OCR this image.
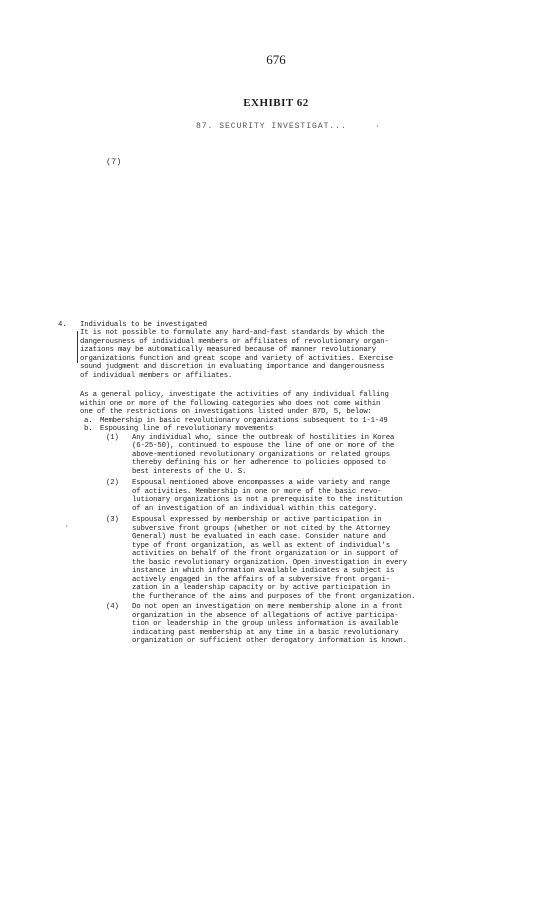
676
EXHIBIT 62
87. SECURITY INVESTIGAT...
(7)
·
·
4. Individuals to be investigated
It is not possible to formulate any hard-and-fast standards by which the
dangerousness of individual members or affiliates of revolutionary organ-
izations may be automatically measured because of manner revolutionary
organizations function and great scope and variety of activities. Exercise
sound judgment and discretion in evaluating importance and dangerousness
of individual members or affiliates.
As a general policy, investigate the activities of any individual falling
within one or more of the following categories who does not come within
one of the restrictions on investigations listed under 87D, 5, below:
a. Membership in basic revolutionary organizations subsequent to 1-1-49
b. Espousing line of revolutionary movements
(1) Any individual who, since the outbreak of hostilities in Korea
(6-25-50), continued to espouse the line of one or more of the
above-mentioned revolutionary organizations or related groups
thereby defining his or her adherence to policies opposed to
best interests of the U. S.
(2) Espousal mentioned above encompasses a wide variety and range
of activities. Membership in one or more of the basic revo-
lutionary organizations is not a prerequisite to the institution
of an investigation of an individual within this category.
(3) Espousal expressed by membership or active participation in
subversive front groups (whether or not cited by the Attorney
General) must be evaluated in each case. Consider nature and
type of front organization, as well as extent of individual's
activities on behalf of the front organization or in support of
the basic revolutionary organization. Open investigation in every
instance in which information available indicates a subject is
actively engaged in the affairs of a subversive front organi-
zation in a leadership capacity or by active participation in
the furtherance of the aims and purposes of the front organization.
(4) Do not open an investigation on mere membership alone in a front
organization in the absence of allegations of active participa-
tion or leadership in the group unless information is available
indicating past membership at any time in a basic revolutionary
organization or sufficient other derogatory information is known.
